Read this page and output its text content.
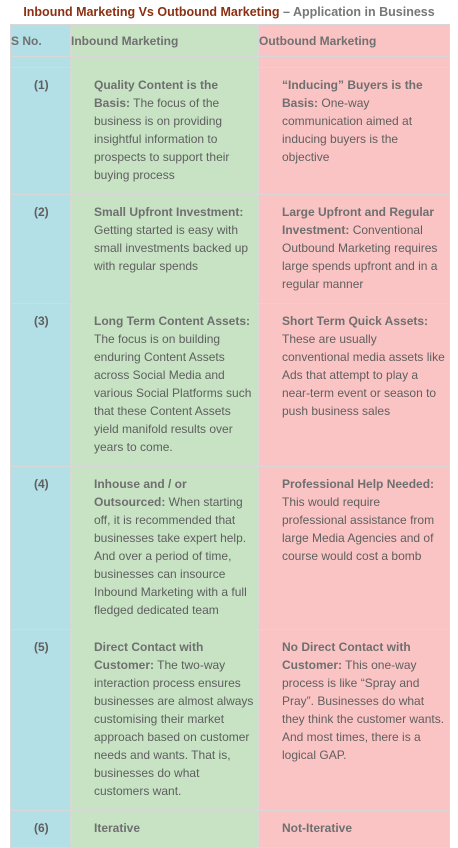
Inbound Marketing Vs Outbound Marketing – Application in Business
S No.	Inbound Marketing	Outbound Marketing

(1)	Quality Content is the Basis: The focus of the business is on providing insightful information to prospects to support their buying process	“Inducing” Buyers is the Basis: One-way communication aimed at inducing buyers is the objective
(2)	Small Upfront Investment: Getting started is easy with small investments backed up with regular spends	Large Upfront and Regular Investment: Conventional Outbound Marketing requires large spends upfront and in a regular manner
(3)	Long Term Content Assets: The focus is on building enduring Content Assets across Social Media and various Social Platforms such that these Content Assets yield manifold results over years to come.	Short Term Quick Assets: These are usually conventional media assets like Ads that attempt to play a near-term event or season to push business sales
(4)	Inhouse and / or Outsourced: When starting off, it is recommended that businesses take expert help. And over a period of time, businesses can insource Inbound Marketing with a full fledged dedicated team	Professional Help Needed: This would require professional assistance from large Media Agencies and of course would cost a bomb
(5)	Direct Contact with Customer: The two-way interaction process ensures businesses are almost always customising their market approach based on customer needs and wants. That is, businesses do what customers want.	No Direct Contact with Customer: This one-way process is like “Spray and Pray”. Businesses do what they think the customer wants. And most times, there is a logical GAP.
(6)	Iterative	Not-Iterative
